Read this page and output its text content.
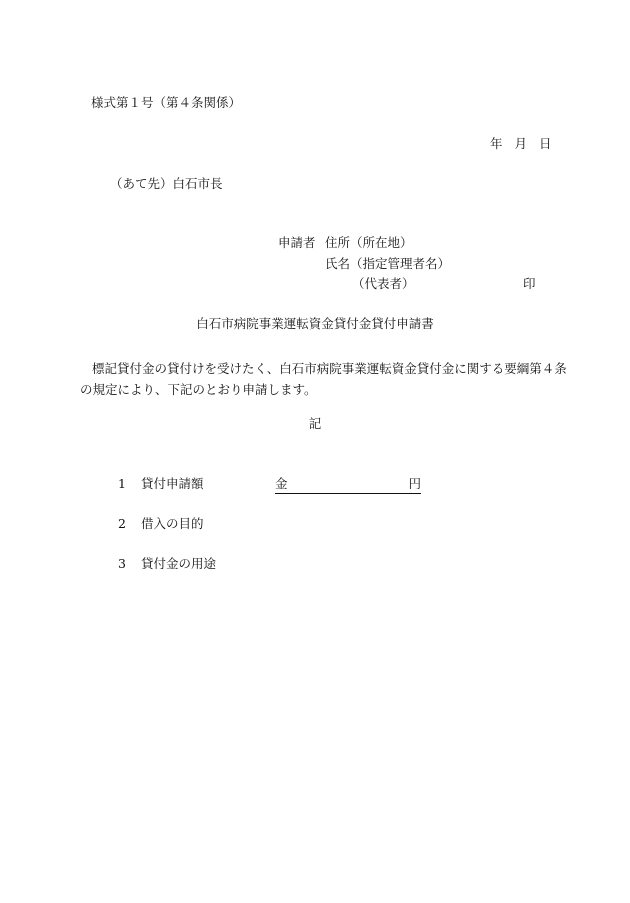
様式第１号（第４条関係）
年 月 日
（あて先）白石市長
申請者 住所（所在地）
氏名（指定管理者名）
（代表者）	印
白石市病院事業運転資金貸付金貸付申請書
標記貸付金の貸付けを受けたく、白石市病院事業運転資金貸付金に関する要綱第４条の規定により、下記のとおり申請します。
記
1 貸付申請額	金	円
2 借入の目的
3 貸付金の用途
